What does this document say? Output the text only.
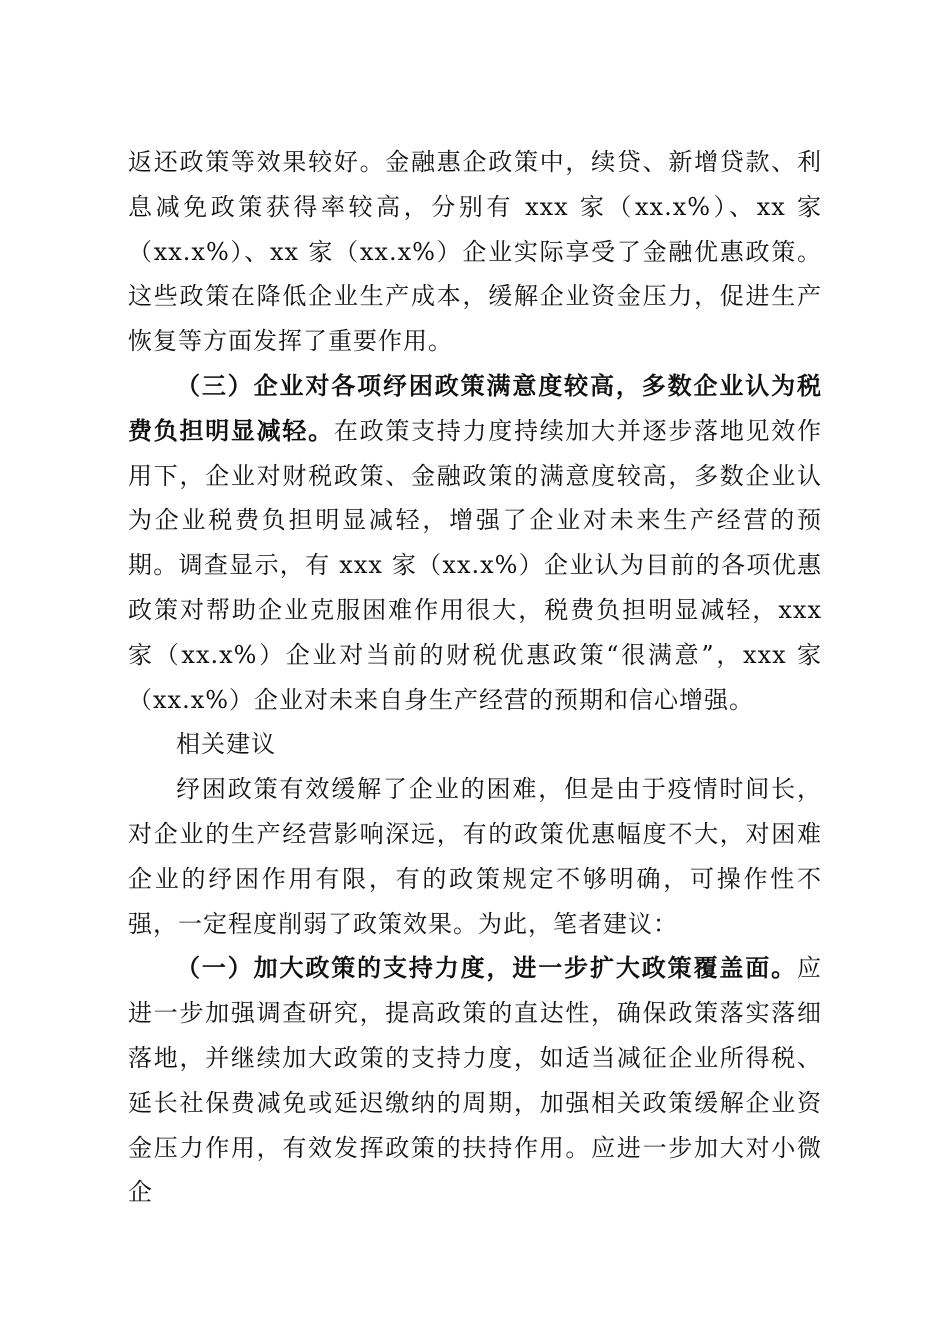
返还政策等效果较好。金融惠企政策中，续贷、新增贷款、利息减免政策获得率较高，分别有 xxx 家（xx.x%）、xx 家（xx.x%）、xx 家（xx.x%）企业实际享受了金融优惠政策。这些政策在降低企业生产成本，缓解企业资金压力，促进生产恢复等方面发挥了重要作用。

（三）企业对各项纾困政策满意度较高，多数企业认为税费负担明显减轻。在政策支持力度持续加大并逐步落地见效作用下，企业对财税政策、金融政策的满意度较高，多数企业认为企业税费负担明显减轻，增强了企业对未来生产经营的预期。调查显示，有 xxx 家（xx.x%）企业认为目前的各项优惠政策对帮助企业克服困难作用很大，税费负担明显减轻，xxx 家（xx.x%）企业对当前的财税优惠政策“很满意”，xxx 家（xx.x%）企业对未来自身生产经营的预期和信心增强。

相关建议

纾困政策有效缓解了企业的困难，但是由于疫情时间长，对企业的生产经营影响深远，有的政策优惠幅度不大，对困难企业的纾困作用有限，有的政策规定不够明确，可操作性不强，一定程度削弱了政策效果。为此，笔者建议：

（一）加大政策的支持力度，进一步扩大政策覆盖面。应进一步加强调查研究，提高政策的直达性，确保政策落实落细落地，并继续加大政策的支持力度，如适当减征企业所得税、延长社保费减免或延迟缴纳的周期，加强相关政策缓解企业资金压力作用，有效发挥政策的扶持作用。应进一步加大对小微企
